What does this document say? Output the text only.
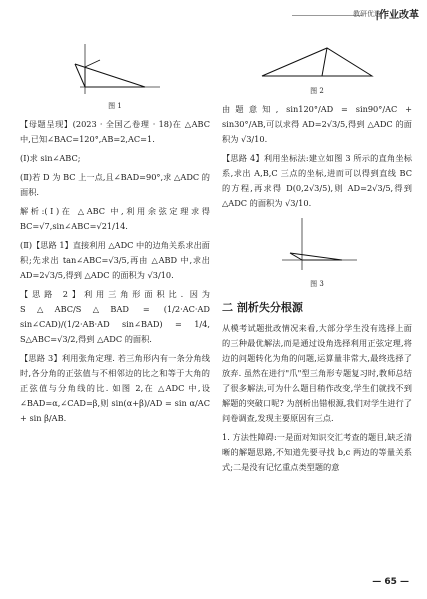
教研优选
|作业改革
图 1

【母题呈现】(2023 · 全国乙卷理 · 18)在 △ABC 中,已知∠BAC=120°,AB=2,AC=1.

(Ⅰ)求 sin∠ABC;

(Ⅱ)若 D 为 BC 上一点,且∠BAD=90°,求 △ADC 的面积.

解析:(Ⅰ)在 △ABC 中,利用余弦定理求得 BC=√7,sin∠ABC=√21/14.

(Ⅱ)【思路 1】直接利用 △ADC 中的边角关系求出面积;先求出 tan∠ABC=√3/5,再由 △ABD 中,求出 AD=2√3/5,得到 △ADC 的面积为 √3/10.

【思路 2】利用三角形面积比. 因为 S△ABC/S△BAD = (1/2·AC·AD sin∠CAD)/(1/2·AB·AD sin∠BAD) = 1/4, S△ABC=√3/2,得到 △ADC 的面积.

【思路 3】利用张角定理. 若三角形内有一条分角线时,各分角的正弦值与不相邻边的比之和等于大角的正弦值与分角线的比. 如图 2,在 △ADC 中,设∠BAD=α,∠CAD=β,则 sin(α+β)/AD = sin α/AC + sin β/AB.

图 2

由题意知, sin120°/AD = sin90°/AC + sin30°/AB,可以求得 AD=2√3/5,得到 △ADC 的面积为 √3/10.

【思路 4】利用坐标法:建立如图 3 所示的直角坐标系,求出 A,B,C 三点的坐标,进而可以得到直线 BC 的方程,再求得 D(0,2√3/5),则 AD=2√3/5,得到 △ADC 的面积为 √3/10.

图 3
二 剖析失分根源

从模考试题批改情况来看,大部分学生没有选择上面的三种最优解法,而是通过设角选择利用正弦定理,将边的问题转化为角的问题,运算量非常大,最终选择了放弃. 虽然在进行"爪"型三角形专题复习时,教师总结了很多解法,可为什么题目稍作改变,学生们就找不到解题的突破口呢? 为剖析出错根源,我们对学生进行了问卷调查,发现主要原因有三点.

1. 方法性障碍:一是面对知识交汇考查的题目,缺乏清晰的解题思路,不知道先要寻找 b,c 两边的等量关系式;二是没有记忆重点类型题的意

— 65 —
